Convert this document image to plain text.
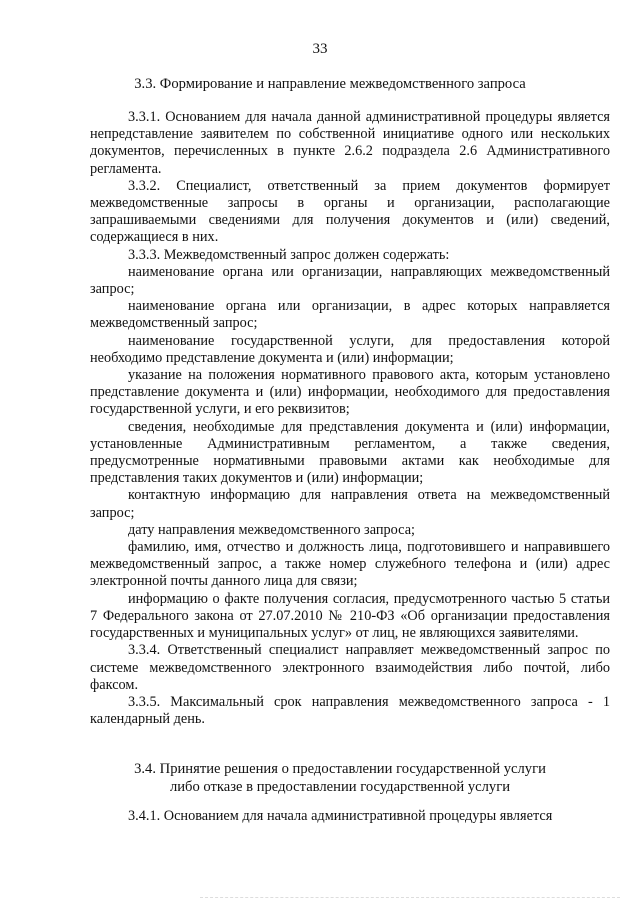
33
3.3. Формирование и направление межведомственного запроса

3.3.1. Основанием для начала данной административной процедуры является непредставление заявителем по собственной инициативе одного или нескольких документов, перечисленных в пункте 2.6.2 подраздела 2.6 Административного регламента.

3.3.2. Специалист, ответственный за прием документов формирует межведомственные запросы в органы и организации, располагающие запрашиваемыми сведениями для получения документов и (или) сведений, содержащиеся в них.

3.3.3. Межведомственный запрос должен содержать:

наименование органа или организации, направляющих межведомственный запрос;

наименование органа или организации, в адрес которых направляется межведомственный запрос;

наименование государственной услуги, для предоставления которой необходимо представление документа и (или) информации;

указание на положения нормативного правового акта, которым установлено представление документа и (или) информации, необходимого для предоставления государственной услуги, и его реквизитов;

сведения, необходимые для представления документа и (или) информации, установленные Административным регламентом, а также сведения, предусмотренные нормативными правовыми актами как необходимые для представления таких документов и (или) информации;

контактную информацию для направления ответа на межведомственный запрос;

дату направления межведомственного запроса;

фамилию, имя, отчество и должность лица, подготовившего и направившего межведомственный запрос, а также номер служебного телефона и (или) адрес электронной почты данного лица для связи;

информацию о факте получения согласия, предусмотренного частью 5 статьи 7 Федерального закона от 27.07.2010 № 210-ФЗ «Об организации предоставления государственных и муниципальных услуг» от лиц, не являющихся заявителями.

3.3.4. Ответственный специалист направляет межведомственный запрос по системе межведомственного электронного взаимодействия либо почтой, либо факсом.

3.3.5. Максимальный срок направления межведомственного запроса - 1 календарный день.

3.4. Принятие решения о предоставлении государственной услуги
либо отказе в предоставлении государственной услуги

3.4.1. Основанием для начала административной процедуры является
